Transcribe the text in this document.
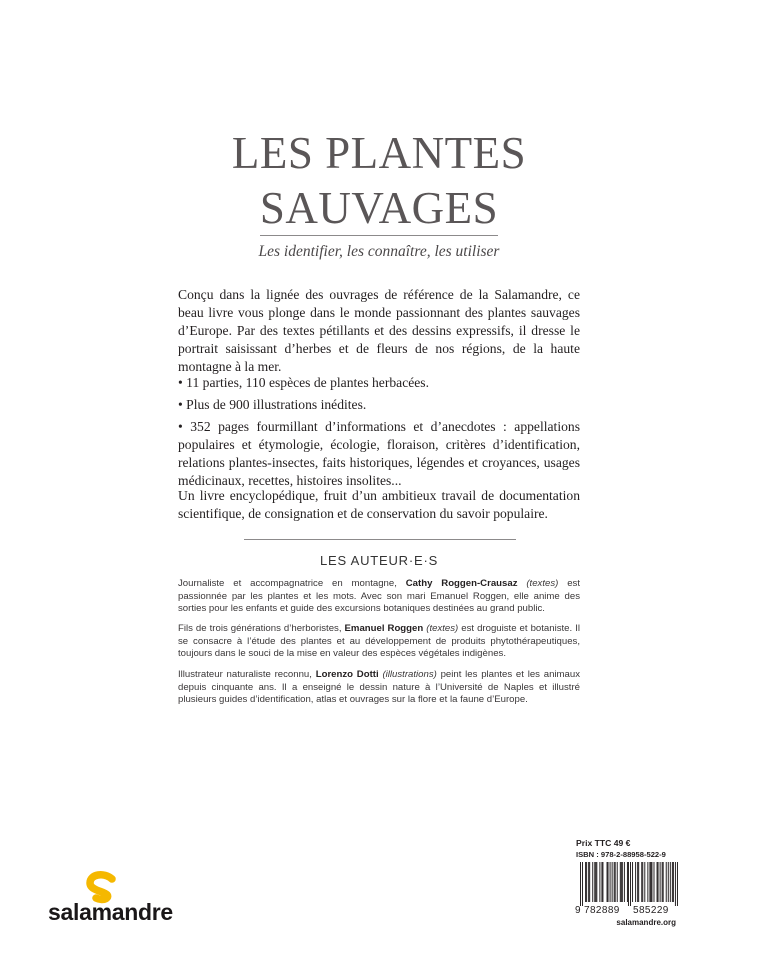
LES PLANTES
SAUVAGES
Les identifier, les connaître, les utiliser

Conçu dans la lignée des ouvrages de référence de la Salamandre, ce beau livre vous plonge dans le monde passionnant des plantes sauvages d’Europe. Par des textes pétillants et des dessins expressifs, il dresse le portrait saisissant d’herbes et de fleurs de nos régions, de la haute montagne à la mer.

• 11 parties, 110 espèces de plantes herbacées.

• Plus de 900 illustrations inédites.

• 352 pages fourmillant d’informations et d’anecdotes : appellations populaires et étymologie, écologie, floraison, critères d’identification, relations plantes-insectes, faits historiques, légendes et croyances, usages médicinaux, recettes, histoires insolites...

Un livre encyclopédique, fruit d’un ambitieux travail de documentation scientifique, de consignation et de conservation du savoir populaire.

LES AUTEUR·E·S

Journaliste et accompagnatrice en montagne, Cathy Roggen-Crausaz (textes) est passionnée par les plantes et les mots. Avec son mari Emanuel Roggen, elle anime des sorties pour les enfants et guide des excursions botaniques destinées au grand public.

Fils de trois générations d’herboristes, Emanuel Roggen (textes) est droguiste et botaniste. Il se consacre à l’étude des plantes et au développement de produits phytothérapeutiques, toujours dans le souci de la mise en valeur des espèces végétales indigènes.

Illustrateur naturaliste reconnu, Lorenzo Dotti (illustrations) peint les plantes et les animaux depuis cinquante ans. Il a enseigné le dessin nature à l’Université de Naples et illustré plusieurs guides d’identification, atlas et ouvrages sur la flore et la faune d’Europe.

salamandre
Prix TTC 49 €
ISBN : 978-2-88958-522-9
9 782889 585229
salamandre.org
